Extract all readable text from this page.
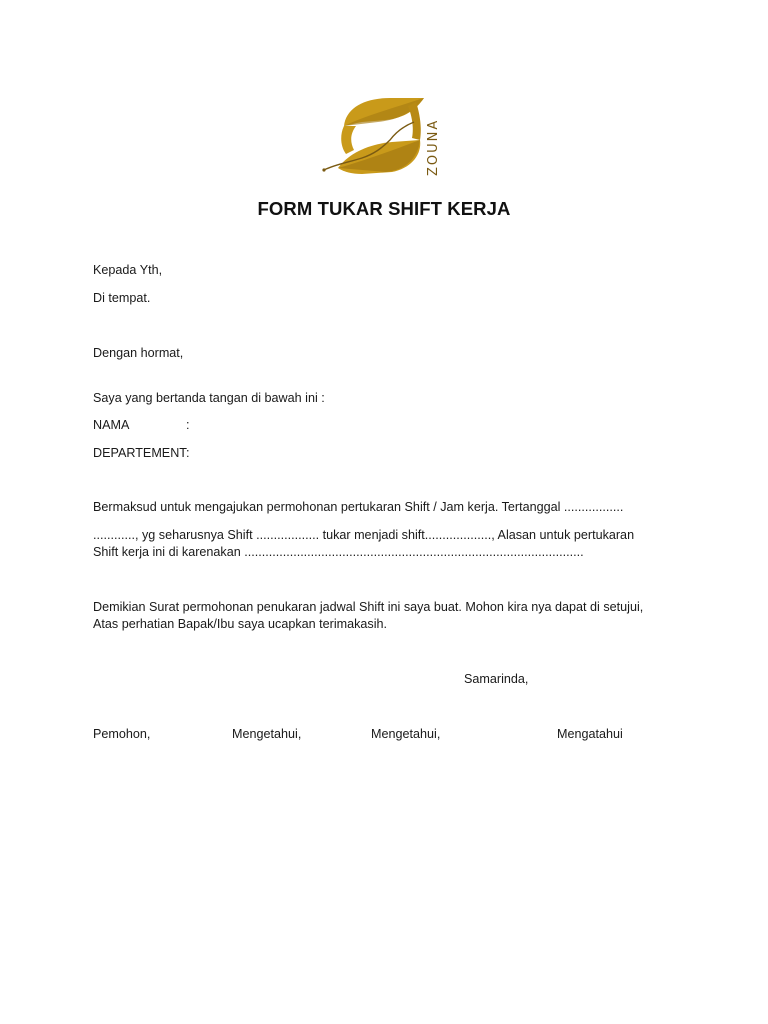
ZOUNA
FORM TUKAR SHIFT KERJA
Kepada Yth,
Di tempat.
Dengan hormat,
Saya yang bertanda tangan di bawah ini :
NAMA	:
DEPARTEMENT:
Bermaksud untuk mengajukan permohonan pertukaran Shift / Jam kerja. Tertanggal .................
............, yg seharusnya Shift .................. tukar menjadi shift..................., Alasan untuk pertukaran
Shift kerja ini di karenakan .................................................................................................
Demikian Surat permohonan penukaran jadwal Shift ini saya buat. Mohon kira nya dapat di setujui,
Atas perhatian Bapak/Ibu saya ucapkan terimakasih.
Samarinda,
Pemohon,	Mengetahui,	Mengetahui,	Mengatahui
